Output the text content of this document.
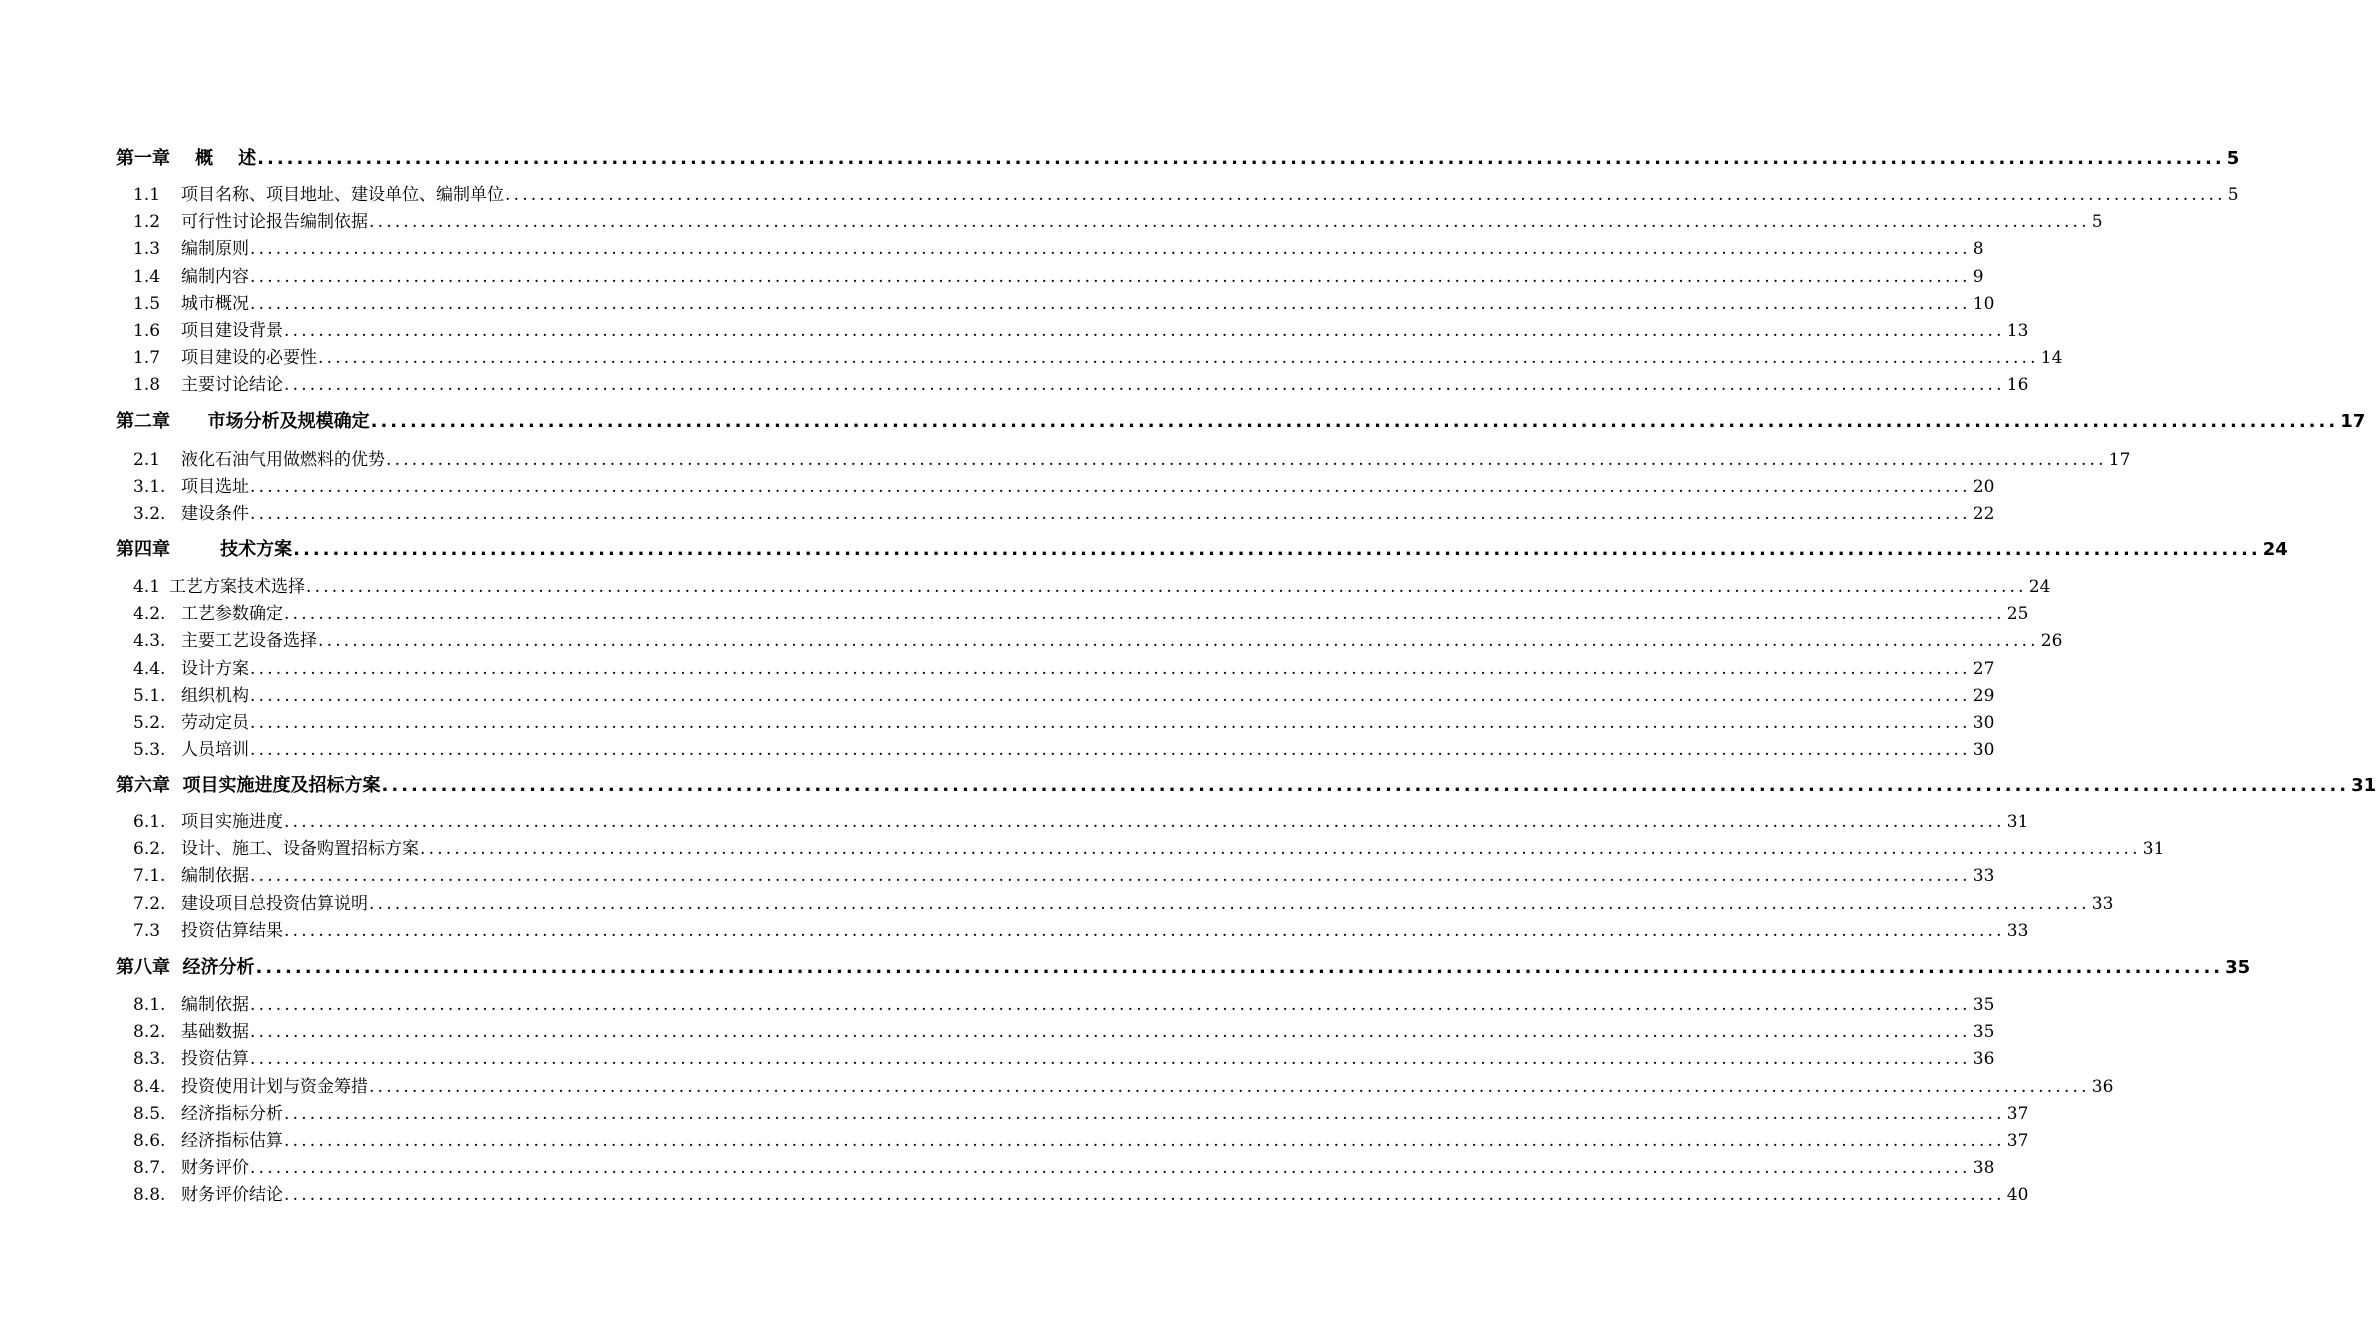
第一章 概    述 ........................................................................................................................................................................................................ 5
1.1 项目名称、项目地址、建设单位、编制单位 ........................................................................................................................................................................................................ 5
1.2 可行性讨论报告编制依据 ........................................................................................................................................................................................................ 5
1.3 编制原则 ........................................................................................................................................................................................................ 8
1.4 编制内容 ........................................................................................................................................................................................................ 9
1.5 城市概况 ........................................................................................................................................................................................................ 10
1.6 项目建设背景 ........................................................................................................................................................................................................ 13
1.7 项目建设的必要性 ........................................................................................................................................................................................................ 14
1.8 主要讨论结论 ........................................................................................................................................................................................................ 16
第二章 市场分析及规模确定 ........................................................................................................................................................................................................ 17
2.1 液化石油气用做燃料的优势 ........................................................................................................................................................................................................ 17
3.1. 项目选址 ........................................................................................................................................................................................................ 20
3.2. 建设条件 ........................................................................................................................................................................................................ 22
第四章	技术方案 ........................................................................................................................................................................................................ 24
4.1 工艺方案技术选择 ........................................................................................................................................................................................................ 24
4.2. 工艺参数确定 ........................................................................................................................................................................................................ 25
4.3. 主要工艺设备选择 ........................................................................................................................................................................................................ 26
4.4. 设计方案 ........................................................................................................................................................................................................ 27
5.1. 组织机构 ........................................................................................................................................................................................................ 29
5.2. 劳动定员 ........................................................................................................................................................................................................ 30
5.3. 人员培训 ........................................................................................................................................................................................................ 30
第六章 项目实施进度及招标方案 ........................................................................................................................................................................................................ 31
6.1. 项目实施进度 ........................................................................................................................................................................................................ 31
6.2. 设计、施工、设备购置招标方案 ........................................................................................................................................................................................................ 31
7.1. 编制依据 ........................................................................................................................................................................................................ 33
7.2. 建设项目总投资估算说明 ........................................................................................................................................................................................................ 33
7.3 投资估算结果 ........................................................................................................................................................................................................ 33
第八章 经济分析 ........................................................................................................................................................................................................ 35
8.1. 编制依据 ........................................................................................................................................................................................................ 35
8.2. 基础数据 ........................................................................................................................................................................................................ 35
8.3. 投资估算 ........................................................................................................................................................................................................ 36
8.4. 投资使用计划与资金筹措 ........................................................................................................................................................................................................ 36
8.5. 经济指标分析 ........................................................................................................................................................................................................ 37
8.6. 经济指标估算 ........................................................................................................................................................................................................ 37
8.7. 财务评价 ........................................................................................................................................................................................................ 38
8.8. 财务评价结论 ........................................................................................................................................................................................................ 40
